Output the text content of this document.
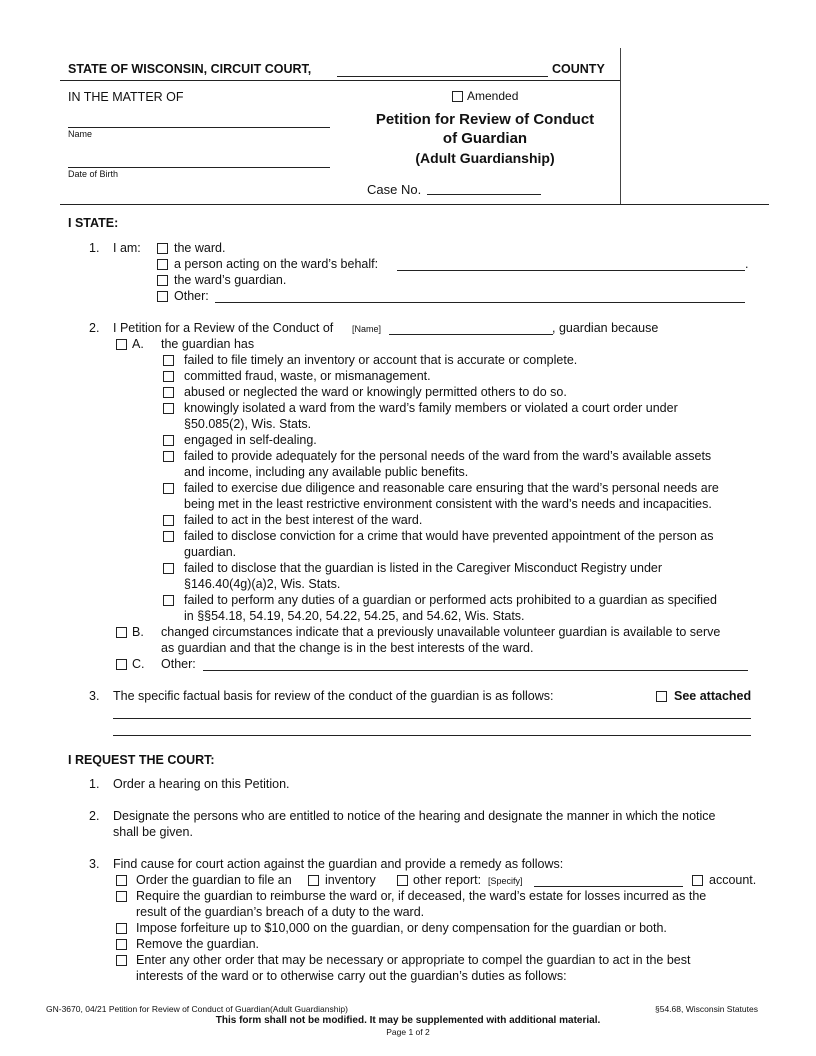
STATE OF WISCONSIN, CIRCUIT COURT,	COUNTY
IN THE MATTER OF	Amended
Name
Date of Birth
Petition for Review of Conduct
of Guardian
(Adult Guardianship)
Case No.
I STATE:
1. I am:	the ward.
a person acting on the ward’s behalf:	.
the ward’s guardian.
Other:
2. I Petition for a Review of the Conduct of [Name]	, guardian because
A. the guardian has
failed to file timely an inventory or account that is accurate or complete.
committed fraud, waste, or mismanagement.
abused or neglected the ward or knowingly permitted others to do so.
knowingly isolated a ward from the ward’s family members or violated a court order under
§50.085(2), Wis. Stats.
engaged in self-dealing.
failed to provide adequately for the personal needs of the ward from the ward’s available assets
and income, including any available public benefits.
failed to exercise due diligence and reasonable care ensuring that the ward’s personal needs are
being met in the least restrictive environment consistent with the ward’s needs and incapacities.
failed to act in the best interest of the ward.
failed to disclose conviction for a crime that would have prevented appointment of the person as
guardian.
failed to disclose that the guardian is listed in the Caregiver Misconduct Registry under
§146.40(4g)(a)2, Wis. Stats.
failed to perform any duties of a guardian or performed acts prohibited to a guardian as specified
in §§54.18, 54.19, 54.20, 54.22, 54.25, and 54.62, Wis. Stats.
B. changed circumstances indicate that a previously unavailable volunteer guardian is available to serve
as guardian and that the change is in the best interests of the ward.
C. Other:
3. The specific factual basis for review of the conduct of the guardian is as follows:	See attached
I REQUEST THE COURT:
1. Order a hearing on this Petition.
2. Designate the persons who are entitled to notice of the hearing and designate the manner in which the notice
shall be given.
3. Find cause for court action against the guardian and provide a remedy as follows:
Order the guardian to file an	inventory	other report: [Specify]	account.
Require the guardian to reimburse the ward or, if deceased, the ward’s estate for losses incurred as the
result of the guardian’s breach of a duty to the ward.
Impose forfeiture up to $10,000 on the guardian, or deny compensation for the guardian or both.
Remove the guardian.
Enter any other order that may be necessary or appropriate to compel the guardian to act in the best
interests of the ward or to otherwise carry out the guardian’s duties as follows:
GN-3670, 04/21 Petition for Review of Conduct of Guardian(Adult Guardianship)	§54.68, Wisconsin Statutes
This form shall not be modified. It may be supplemented with additional material.
Page 1 of 2
